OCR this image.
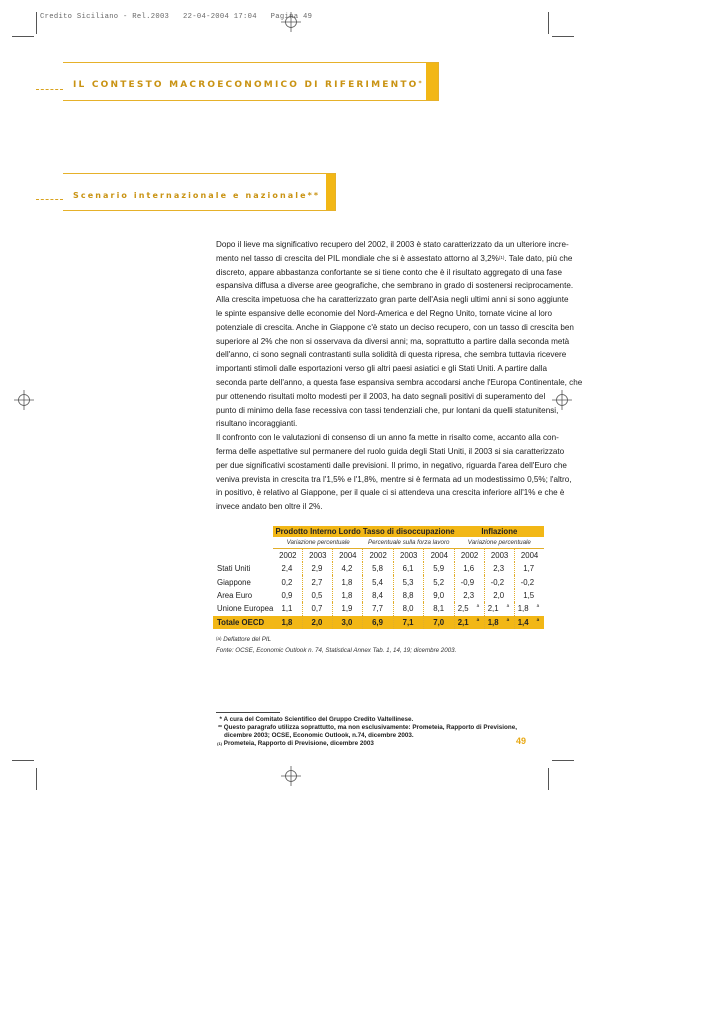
Credito Siciliano - Rel.2003   22-04-2004 17:04   Pagina 49
IL CONTESTO MACROECONOMICO DI RIFERIMENTO*
Scenario internazionale e nazionale**

Dopo il lieve ma significativo recupero del 2002, il 2003 è stato caratterizzato da un ulteriore incre-

mento nel tasso di crescita del PIL mondiale che si è assestato attorno al 3,2%$^{(1)}$. Tale dato, più che

discreto, appare abbastanza confortante se si tiene conto che è il risultato aggregato di una fase

espansiva diffusa a diverse aree geografiche, che sembrano in grado di sostenersi reciprocamente.

Alla crescita impetuosa che ha caratterizzato gran parte dell'Asia negli ultimi anni si sono aggiunte

le spinte espansive delle economie del Nord-America e del Regno Unito, tornate vicine al loro

potenziale di crescita. Anche in Giappone c'è stato un deciso recupero, con un tasso di crescita ben

superiore al 2% che non si osservava da diversi anni; ma, soprattutto a partire dalla seconda metà

dell'anno, ci sono segnali contrastanti sulla solidità di questa ripresa, che sembra tuttavia ricevere

importanti stimoli dalle esportazioni verso gli altri paesi asiatici e gli Stati Uniti. A partire dalla

seconda parte dell'anno, a questa fase espansiva sembra accodarsi anche l'Europa Continentale, che

pur ottenendo risultati molto modesti per il 2003, ha dato segnali positivi di superamento del

punto di minimo della fase recessiva con tassi tendenziali che, pur lontani da quelli statunitensi,

risultano incoraggianti.

Il confronto con le valutazioni di consenso di un anno fa mette in risalto come, accanto alla con-

ferma delle aspettative sul permanere del ruolo guida degli Stati Uniti, il 2003 si sia caratterizzato

per due significativi scostamenti dalle previsioni. Il primo, in negativo, riguarda l'area dell'Euro che

veniva prevista in crescita tra l'1,5% e l'1,8%, mentre si è fermata ad un modestissimo 0,5%; l'altro,

in positivo, è relativo al Giappone, per il quale ci si attendeva una crescita inferiore all'1% e che è

invece andato ben oltre il 2%.

	Prodotto Interno Lordo			Tasso di disoccupazione			Inflazione		
	Variazione percentuale			Percentuale sulla forza lavoro			Variazione percentuale		
	2002	2003	2004	2002	2003	2004	2002	2003	2004
Stati Uniti	2,4	2,9	4,2	5,8	6,1	5,9	1,6	2,3	1,7
Giappone	0,2	2,7	1,8	5,4	5,3	5,2	-0,9	-0,2	-0,2
Area Euro	0,9	0,5	1,8	8,4	8,8	9,0	2,3	2,0	1,5
Unione Europea	1,1	0,7	1,9	7,7	8,0	8,1	2,5 $^a$	2,1 $^a$	1,8 $^a$
Totale OECD	1,8	2,0	3,0	6,9	7,1	7,0	2,1 $^a$	1,8 $^a$	1,4 $^a$
$^{(a)}$ Deflattore del PIL
Fonte: OCSE, Economic Outlook n. 74, Statistical Annex Tab. 1, 14, 19; dicembre 2003.

* A cura del Comitato Scientifico del Gruppo Credito Valtellinese.

** Questo paragrafo utilizza soprattutto, ma non esclusivamente: Prometeia, Rapporto di Previsione,

dicembre 2003; OCSE, Economic Outlook, n.74, dicembre 2003.

(1) Prometeia, Rapporto di Previsione, dicembre 2003	49
